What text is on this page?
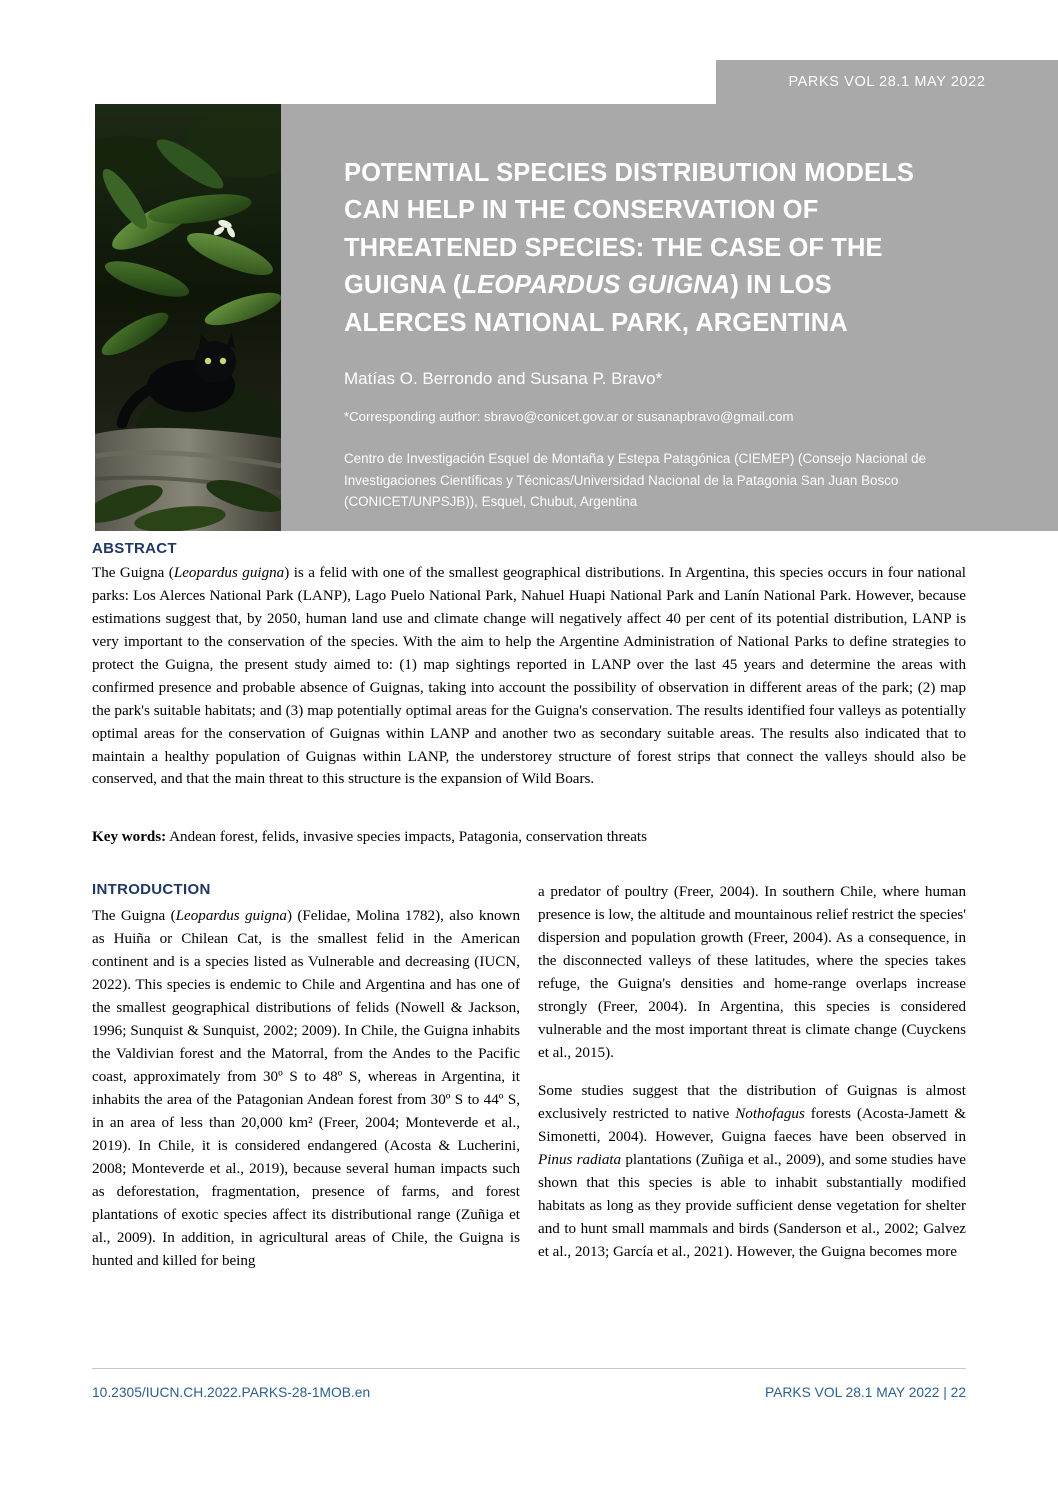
PARKS VOL 28.1 MAY 2022
POTENTIAL SPECIES DISTRIBUTION MODELS
CAN HELP IN THE CONSERVATION OF
THREATENED SPECIES: THE CASE OF THE
GUIGNA (LEOPARDUS GUIGNA) IN LOS
ALERCES NATIONAL PARK, ARGENTINA
Matías O. Berrondo and Susana P. Bravo*
*Corresponding author: sbravo@conicet.gov.ar or susanapbravo@gmail.com
Centro de Investigación Esquel de Montaña y Estepa Patagónica (CIEMEP) (Consejo Nacional de Investigaciones Científicas y Técnicas/Universidad Nacional de la Patagonia San Juan Bosco (CONICET/UNPSJB)), Esquel, Chubut, Argentina
ABSTRACT
The Guigna (Leopardus guigna) is a felid with one of the smallest geographical distributions. In Argentina, this species occurs in four national parks: Los Alerces National Park (LANP), Lago Puelo National Park, Nahuel Huapi National Park and Lanín National Park. However, because estimations suggest that, by 2050, human land use and climate change will negatively affect 40 per cent of its potential distribution, LANP is very important to the conservation of the species. With the aim to help the Argentine Administration of National Parks to define strategies to protect the Guigna, the present study aimed to: (1) map sightings reported in LANP over the last 45 years and determine the areas with confirmed presence and probable absence of Guignas, taking into account the possibility of observation in different areas of the park; (2) map the park's suitable habitats; and (3) map potentially optimal areas for the Guigna's conservation. The results identified four valleys as potentially optimal areas for the conservation of Guignas within LANP and another two as secondary suitable areas. The results also indicated that to maintain a healthy population of Guignas within LANP, the understorey structure of forest strips that connect the valleys should also be conserved, and that the main threat to this structure is the expansion of Wild Boars.
Key words: Andean forest, felids, invasive species impacts, Patagonia, conservation threats
INTRODUCTION

The Guigna (Leopardus guigna) (Felidae, Molina 1782), also known as Huiña or Chilean Cat, is the smallest felid in the American continent and is a species listed as Vulnerable and decreasing (IUCN, 2022). This species is endemic to Chile and Argentina and has one of the smallest geographical distributions of felids (Nowell & Jackson, 1996; Sunquist & Sunquist, 2002; 2009). In Chile, the Guigna inhabits the Valdivian forest and the Matorral, from the Andes to the Pacific coast, approximately from 30º S to 48º S, whereas in Argentina, it inhabits the area of the Patagonian Andean forest from 30º S to 44º S, in an area of less than 20,000 km² (Freer, 2004; Monteverde et al., 2019). In Chile, it is considered endangered (Acosta & Lucherini, 2008; Monteverde et al., 2019), because several human impacts such as deforestation, fragmentation, presence of farms, and forest plantations of exotic species affect its distributional range (Zuñiga et al., 2009). In addition, in agricultural areas of Chile, the Guigna is hunted and killed for being

a predator of poultry (Freer, 2004). In southern Chile, where human presence is low, the altitude and mountainous relief restrict the species' dispersion and population growth (Freer, 2004). As a consequence, in the disconnected valleys of these latitudes, where the species takes refuge, the Guigna's densities and home-range overlaps increase strongly (Freer, 2004). In Argentina, this species is considered vulnerable and the most important threat is climate change (Cuyckens et al., 2015).

Some studies suggest that the distribution of Guignas is almost exclusively restricted to native Nothofagus forests (Acosta-Jamett & Simonetti, 2004). However, Guigna faeces have been observed in Pinus radiata plantations (Zuñiga et al., 2009), and some studies have shown that this species is able to inhabit substantially modified habitats as long as they provide sufficient dense vegetation for shelter and to hunt small mammals and birds (Sanderson et al., 2002; Galvez et al., 2013; García et al., 2021). However, the Guigna becomes more

10.2305/IUCN.CH.2022.PARKS-28-1MOB.en	PARKS VOL 28.1 MAY 2022 | 22
